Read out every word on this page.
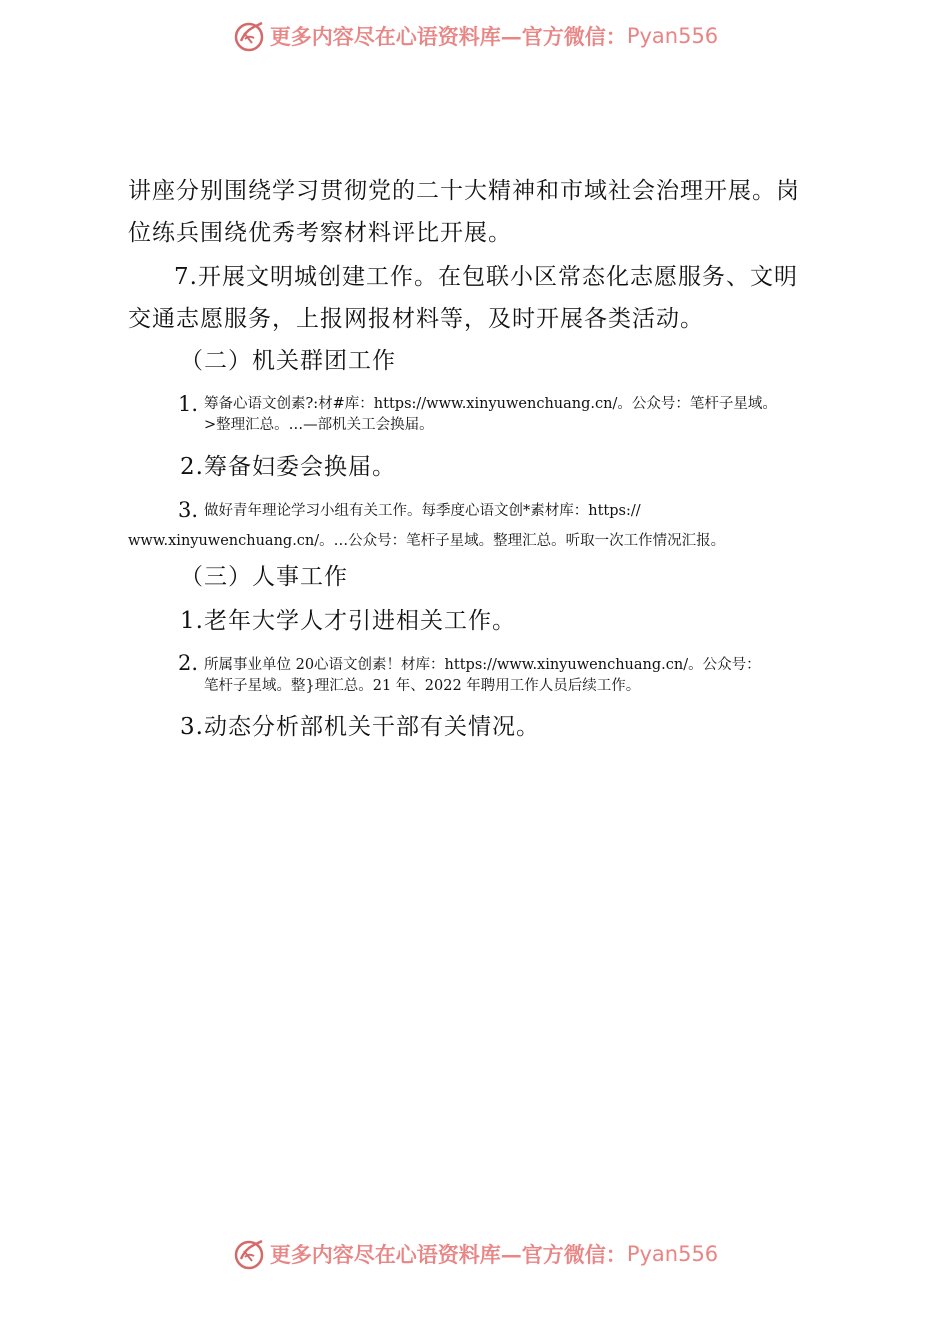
更多内容尽在心语资料库—官方微信： Pyan556
讲座分别围绕学习贯彻党的二十大精神和市域社会治理开展。岗
位练兵围绕优秀考察材料评比开展。
7.开展文明城创建工作。在包联小区常态化志愿服务、文明
交通志愿服务，上报网报材料等，及时开展各类活动。
（二）机关群团工作
1. 筹备心语文创素?:材#库：https://www.xinyuwenchuang.cn/。公众号：笔杆子星域。
>整理汇总。…—部机关工会换届。
2.筹备妇委会换届。
3. 做好青年理论学习小组有关工作。每季度心语文创*素材库：https://
www.xinyuwenchuang.cn/。…公众号：笔杆子星域。整理汇总。听取一次工作情况汇报。
（三）人事工作
1.老年大学人才引进相关工作。
2. 所属事业单位 20心语文创素！材库：https://www.xinyuwenchuang.cn/。公众号：
笔杆子星域。整}理汇总。21 年、2022 年聘用工作人员后续工作。
3.动态分析部机关干部有关情况。
更多内容尽在心语资料库—官方微信： Pyan556
